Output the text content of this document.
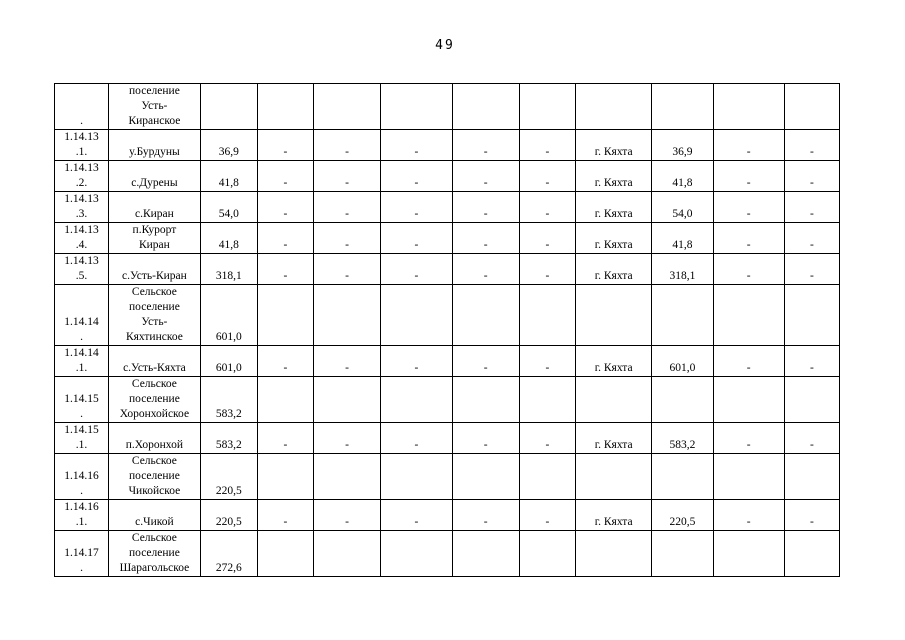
49
.	поселение
Усть-
Киранское										
1.14.13
.1.	у.Бурдуны	36,9	-	-	-	-	-	г. Кяхта	36,9	-	-
1.14.13
.2.	с.Дурены	41,8	-	-	-	-	-	г. Кяхта	41,8	-	-
1.14.13
.3.	с.Киран	54,0	-	-	-	-	-	г. Кяхта	54,0	-	-
1.14.13
.4.	п.Курорт
Киран	41,8	-	-	-	-	-	г. Кяхта	41,8	-	-
1.14.13
.5.	с.Усть-Киран	318,1	-	-	-	-	-	г. Кяхта	318,1	-	-
1.14.14
.	Сельское
поселение
Усть-
Кяхтинское	601,0									
1.14.14
.1.	с.Усть-Кяхта	601,0	-	-	-	-	-	г. Кяхта	601,0	-	-
1.14.15
.	Сельское
поселение
Хоронхойское	583,2									
1.14.15
.1.	п.Хоронхой	583,2	-	-	-	-	-	г. Кяхта	583,2	-	-
1.14.16
.	Сельское
поселение
Чикойское	220,5									
1.14.16
.1.	с.Чикой	220,5	-	-	-	-	-	г. Кяхта	220,5	-	-
1.14.17
.	Сельское
поселение
Шарагольское	272,6									
